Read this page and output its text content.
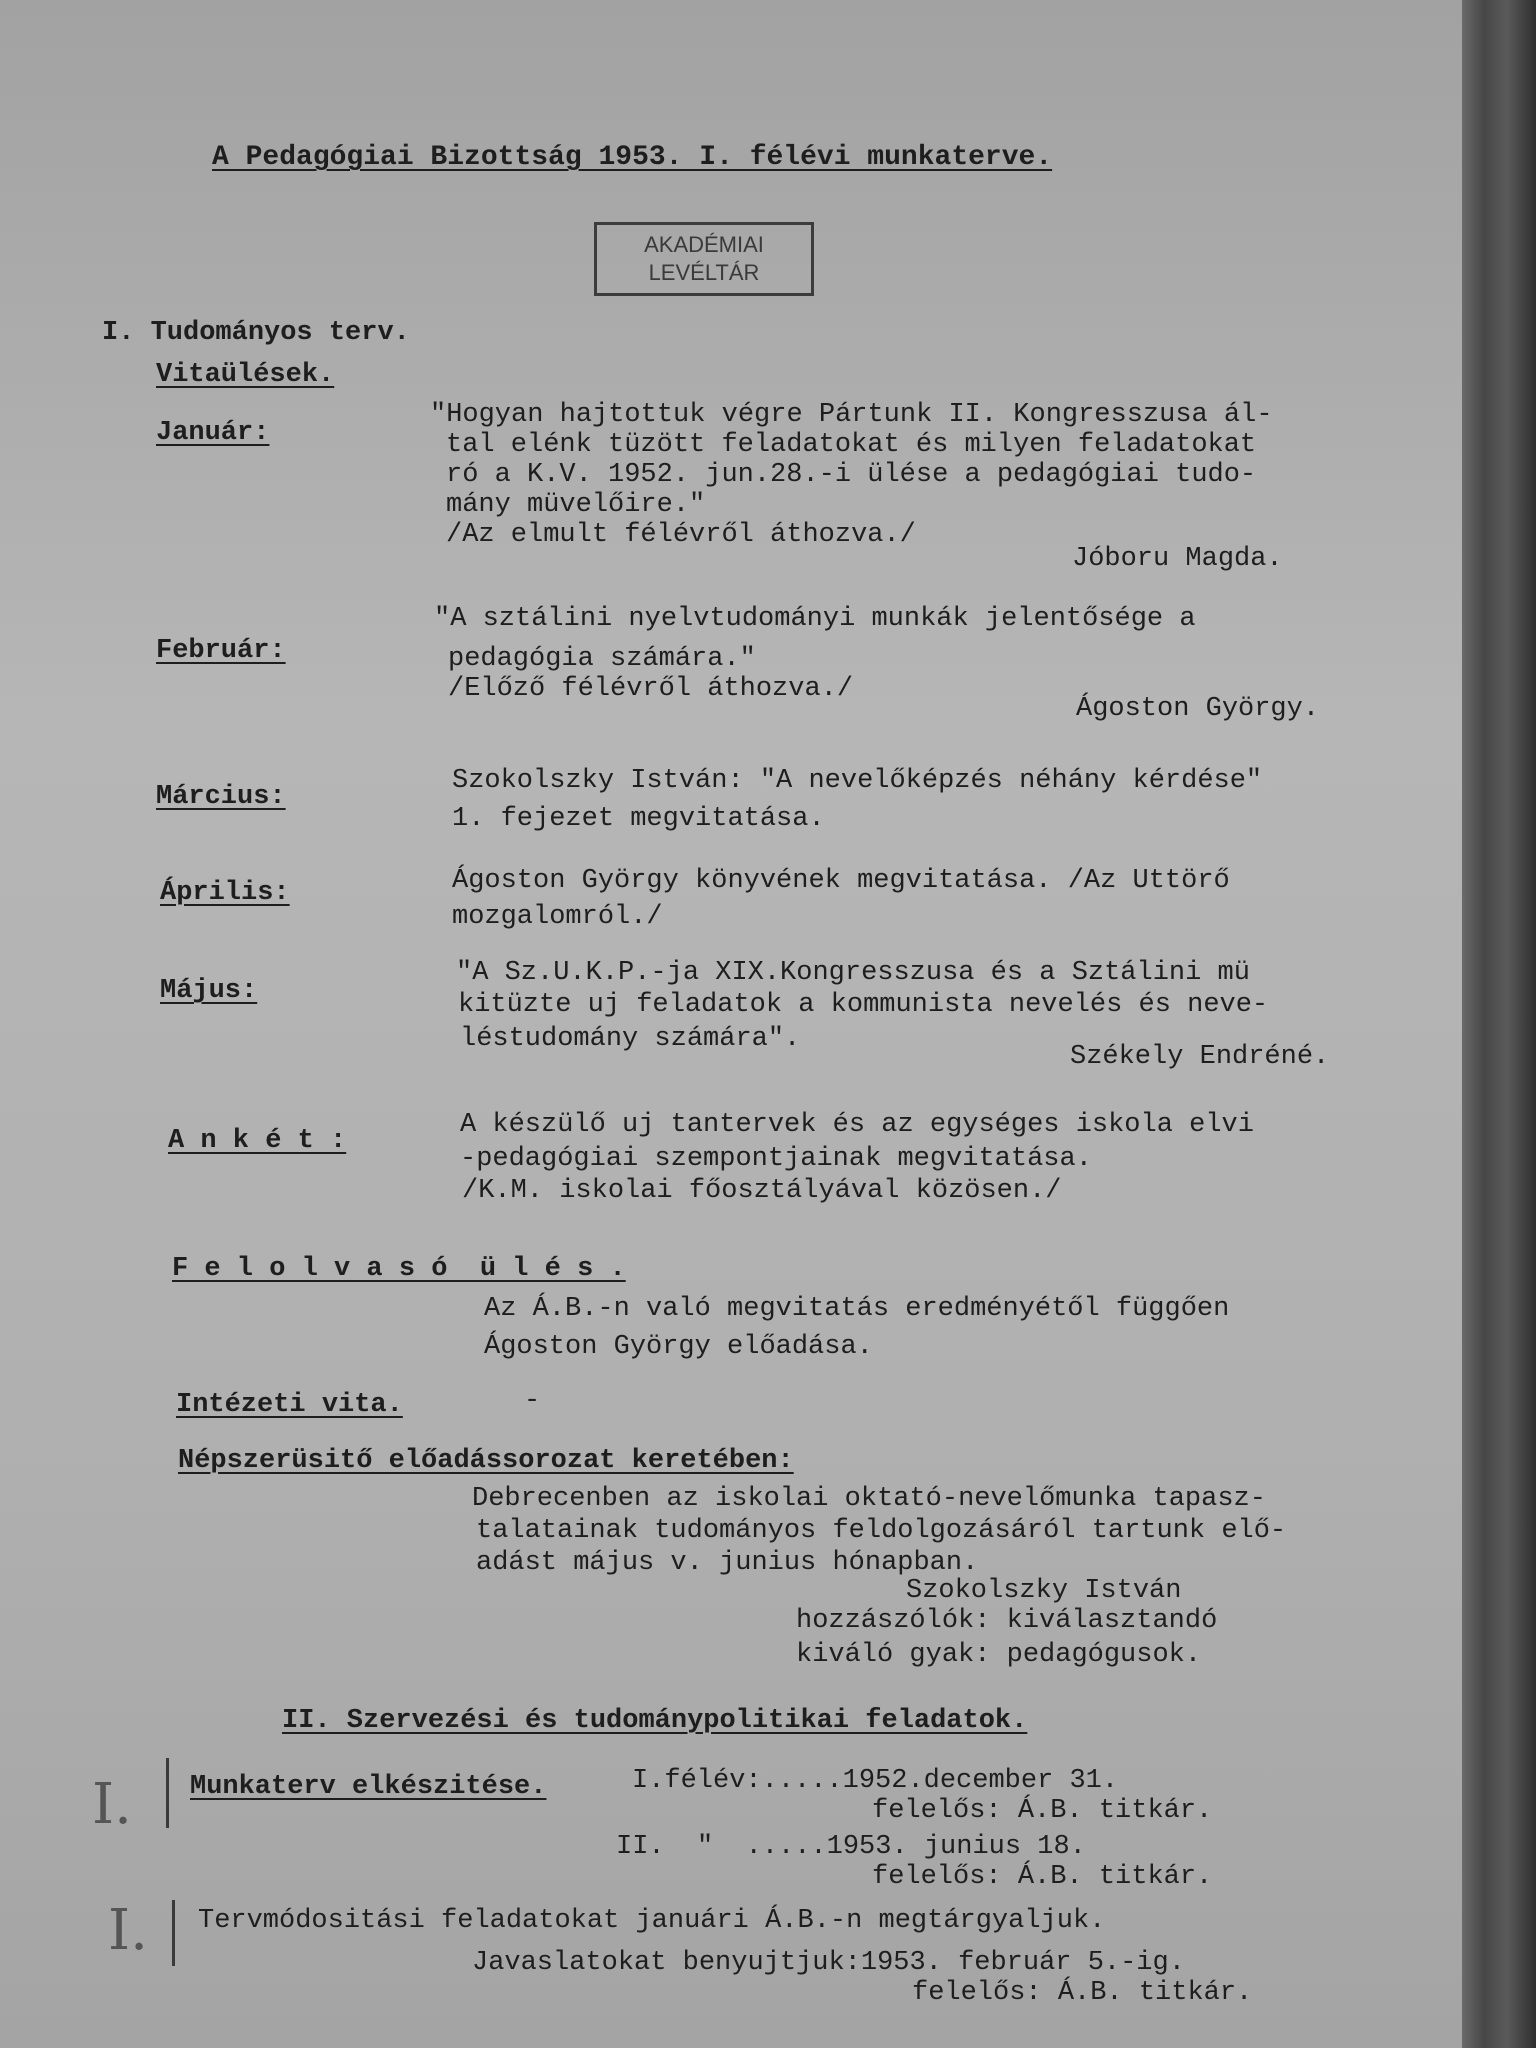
A Pedagógiai Bizottság 1953. I. félévi munkaterve.
AKADÉMIAI
LEVÉLTÁR
I. Tudományos terv.
Vitaülések.
Január:
"Hogyan hajtottuk végre Pártunk II. Kongresszusa ál-
tal elénk tüzött feladatokat és milyen feladatokat
ró a K.V. 1952. jun.28.-i ülése a pedagógiai tudo-
mány müvelőire."
/Az elmult félévről áthozva./
Jóboru Magda.
Február:
"A sztálini nyelvtudományi munkák jelentősége a
pedagógia számára."
/Előző félévről áthozva./
Ágoston György.
Március:
Szokolszky István: "A nevelőképzés néhány kérdése"
1. fejezet megvitatása.
Április:	Ágoston György könyvének megvitatása. /Az Uttörő
mozgalomról./
Május:
"A Sz.U.K.P.-ja XIX.Kongresszusa és a Sztálini mü
kitüzte uj feladatok a kommunista nevelés és neve-
léstudomány számára".
Székely Endréné.
A n k é t :
A készülő uj tantervek és az egységes iskola elvi
-pedagógiai szempontjainak megvitatása.
/K.M. iskolai főosztályával közösen./
F e l o l v a s ó  ü l é s .
Az Á.B.-n való megvitatás eredményétől függően
Ágoston György előadása.
Intézeti vita.	-
Népszerüsitő előadássorozat keretében:
Debrecenben az iskolai oktató-nevelőmunka tapasz-
talatainak tudományos feldolgozásáról tartunk elő-
adást május v. junius hónapban.
Szokolszky István
hozzászólók: kiválasztandó
kiváló gyak: pedagógusok.
II. Szervezési és tudománypolitikai feladatok.
I. Munkaterv elkészitése.	I.félév:.....1952.december 31.
felelős: Á.B. titkár.
II.  "  .....1953. junius 18.
felelős: Á.B. titkár.
I. Tervmódositási feladatokat januári Á.B.-n megtárgyaljuk.
Javaslatokat benyujtjuk:1953. február 5.-ig.
felelős: Á.B. titkár.
